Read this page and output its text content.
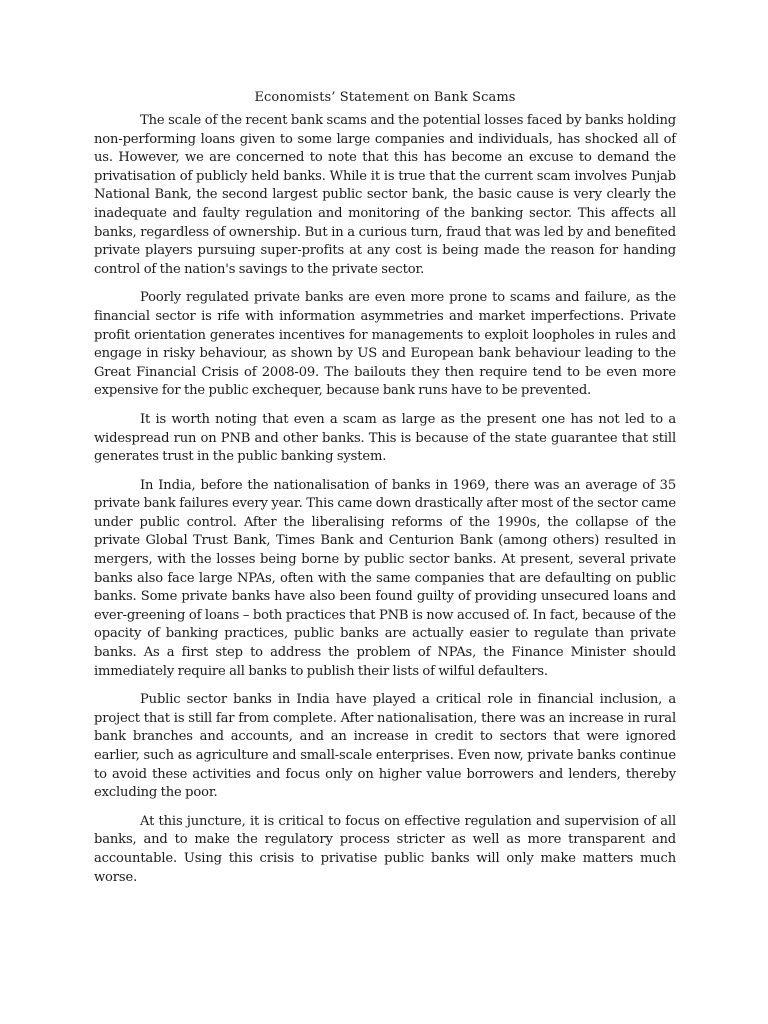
Economists’ Statement on Bank Scams

The scale of the recent bank scams and the potential losses faced by banks holding non-performing loans given to some large companies and individuals, has shocked all of us. However, we are concerned to note that this has become an excuse to demand the privatisation of publicly held banks. While it is true that the current scam involves Punjab National Bank, the second largest public sector bank, the basic cause is very clearly the inadequate and faulty regulation and monitoring of the banking sector. This affects all banks, regardless of ownership. But in a curious turn, fraud that was led by and benefited private players pursuing super-profits at any cost is being made the reason for handing control of the nation's savings to the private sector.

Poorly regulated private banks are even more prone to scams and failure, as the financial sector is rife with information asymmetries and market imperfections. Private profit orientation generates incentives for managements to exploit loopholes in rules and engage in risky behaviour, as shown by US and European bank behaviour leading to the Great Financial Crisis of 2008-09. The bailouts they then require tend to be even more expensive for the public exchequer, because bank runs have to be prevented.

It is worth noting that even a scam as large as the present one has not led to a widespread run on PNB and other banks. This is because of the state guarantee that still generates trust in the public banking system.

In India, before the nationalisation of banks in 1969, there was an average of 35 private bank failures every year. This came down drastically after most of the sector came under public control. After the liberalising reforms of the 1990s, the collapse of the private Global Trust Bank, Times Bank and Centurion Bank (among others) resulted in mergers, with the losses being borne by public sector banks. At present, several private banks also face large NPAs, often with the same companies that are defaulting on public banks. Some private banks have also been found guilty of providing unsecured loans and ever-greening of loans – both practices that PNB is now accused of. In fact, because of the opacity of banking practices, public banks are actually easier to regulate than private banks. As a first step to address the problem of NPAs, the Finance Minister should immediately require all banks to publish their lists of wilful defaulters.

Public sector banks in India have played a critical role in financial inclusion, a project that is still far from complete. After nationalisation, there was an increase in rural bank branches and accounts, and an increase in credit to sectors that were ignored earlier, such as agriculture and small-scale enterprises. Even now, private banks continue to avoid these activities and focus only on higher value borrowers and lenders, thereby excluding the poor.

At this juncture, it is critical to focus on effective regulation and supervision of all banks, and to make the regulatory process stricter as well as more transparent and accountable. Using this crisis to privatise public banks will only make matters much worse.
